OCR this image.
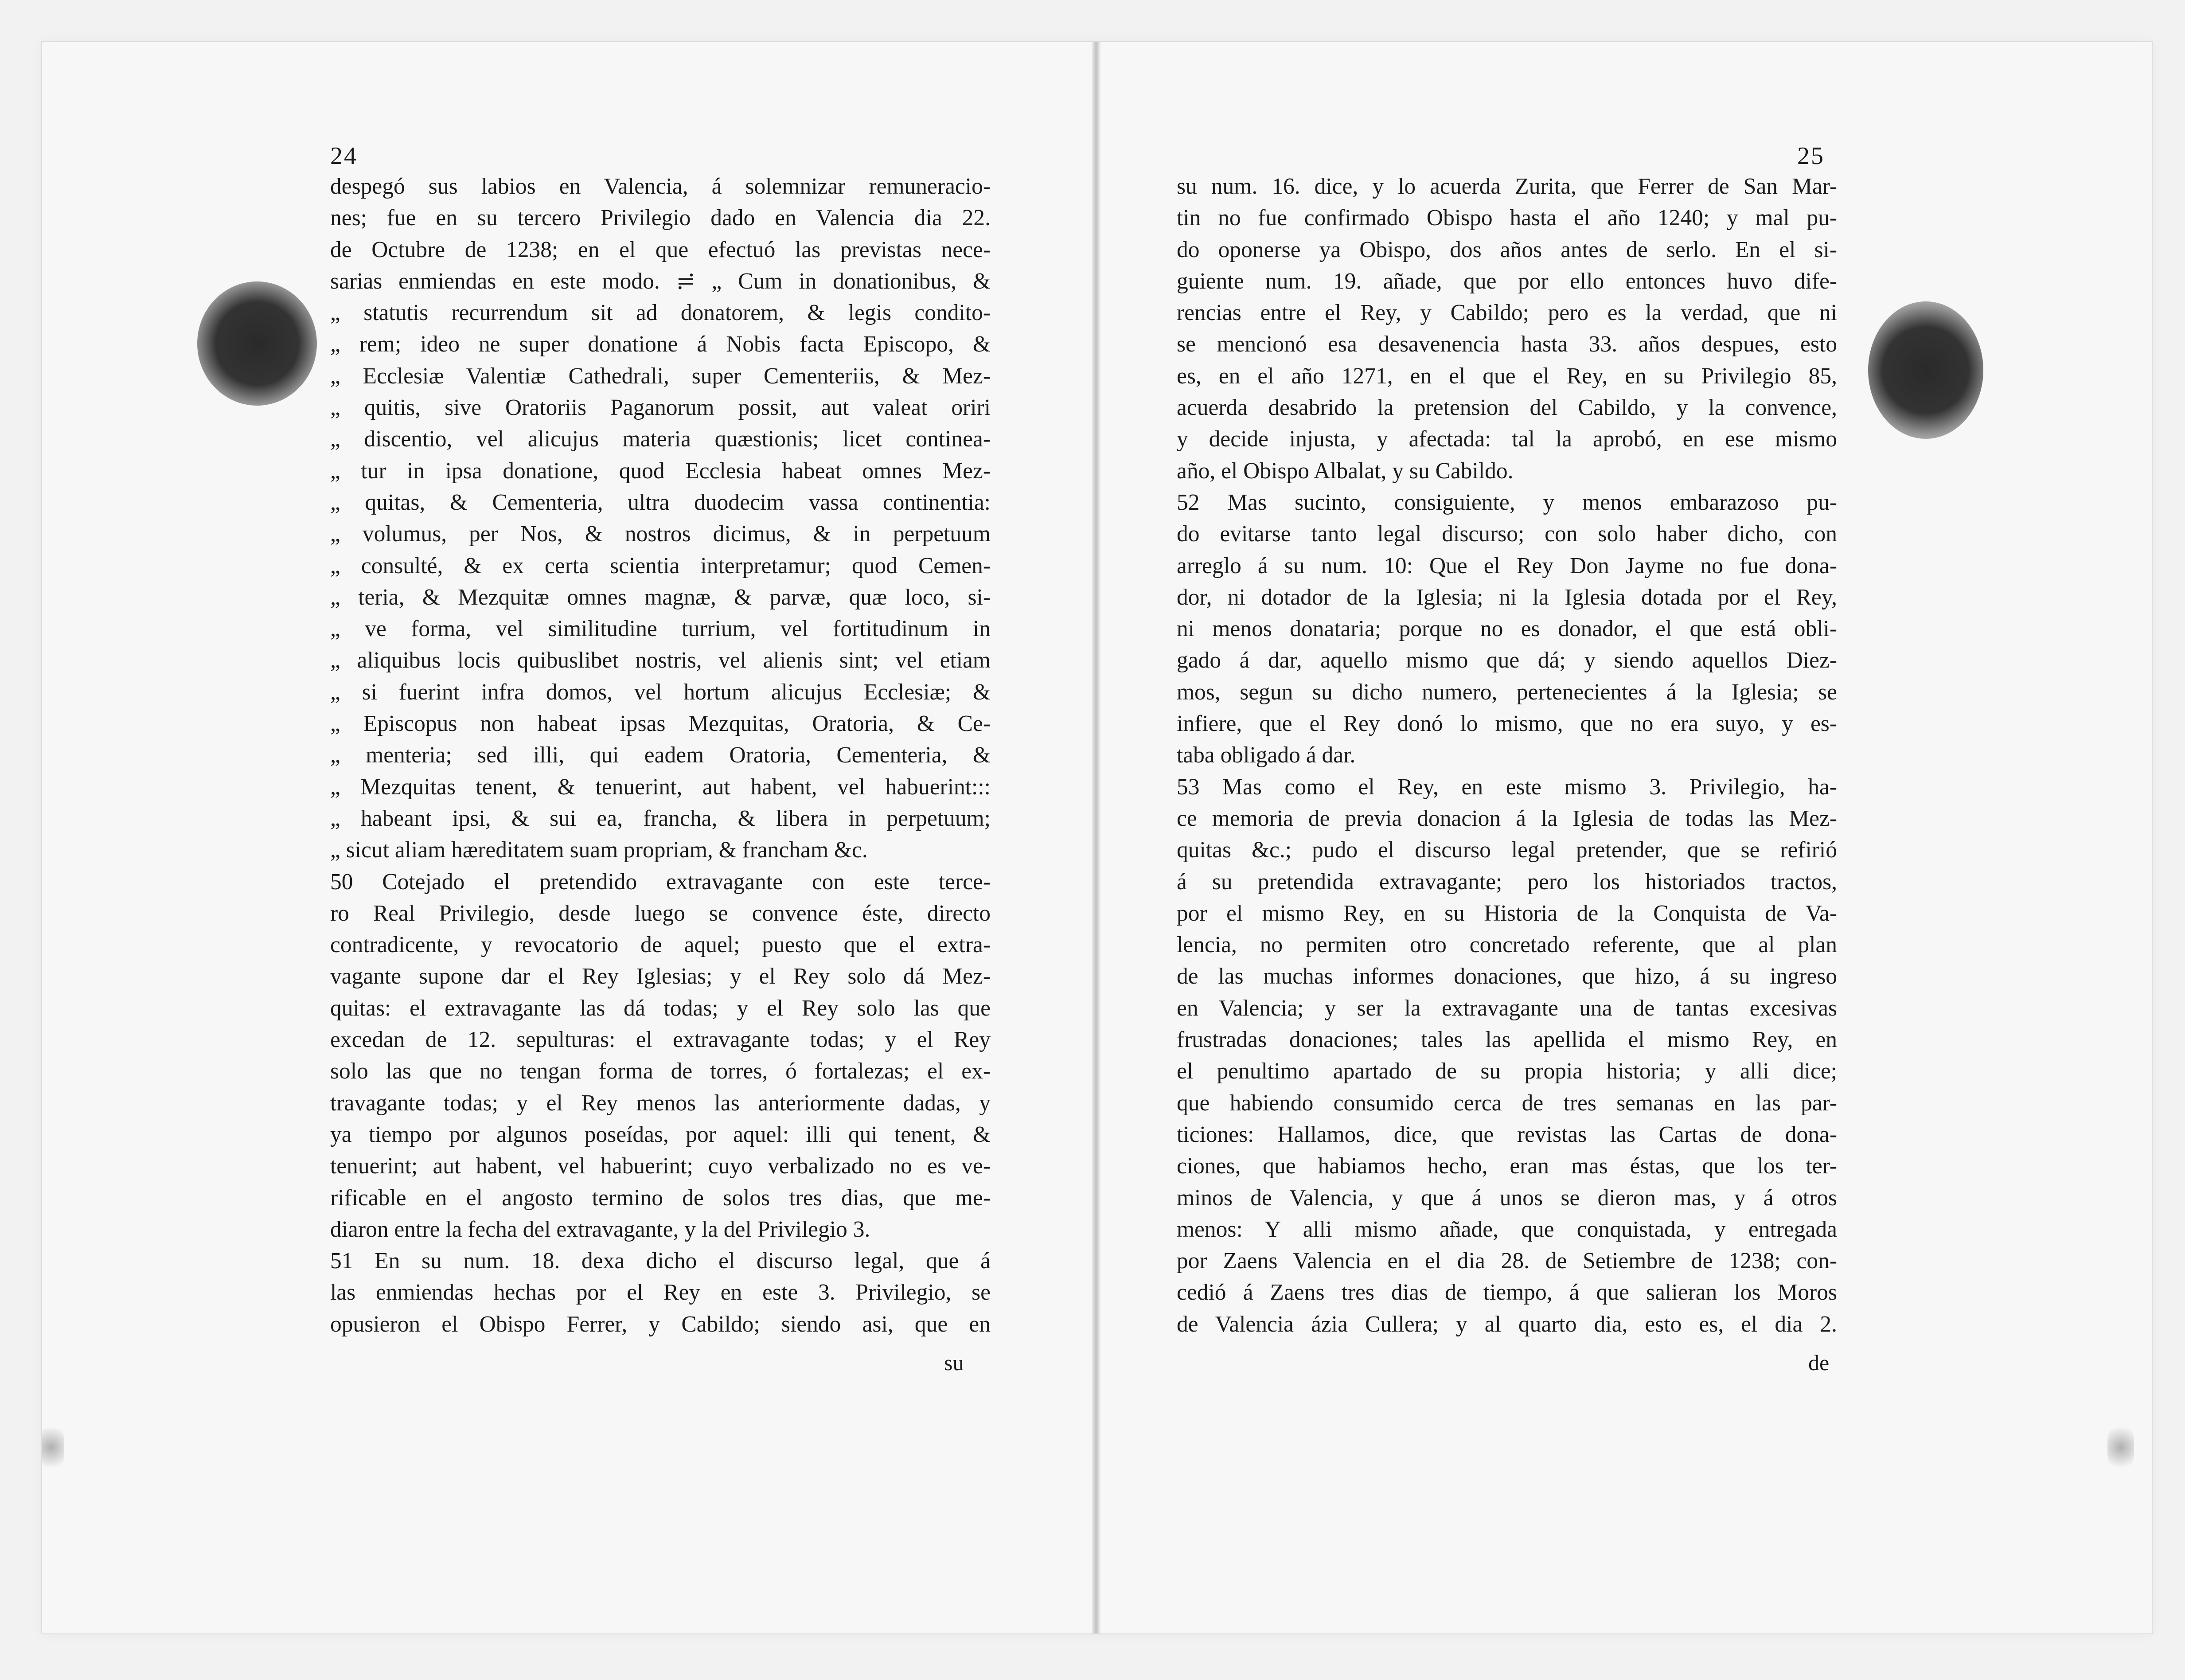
24
despegó sus labios en Valencia, á solemnizar remuneracio-
nes; fue en su tercero Privilegio dado en Valencia dia 22.
de Octubre de 1238; en el que efectuó las previstas nece-
sarias enmiendas en este modo. ≓ „ Cum in donationibus, &
„ statutis recurrendum sit ad donatorem, & legis condito-
„ rem; ideo ne super donatione á Nobis facta Episcopo, &
„ Ecclesiæ Valentiæ Cathedrali, super Cementeriis, & Mez-
„ quitis, sive Oratoriis Paganorum possit, aut valeat oriri
„ discentio, vel alicujus materia quæstionis; licet continea-
„ tur in ipsa donatione, quod Ecclesia habeat omnes Mez-
„ quitas, & Cementeria, ultra duodecim vassa continentia:
„ volumus, per Nos, & nostros dicimus, & in perpetuum
„ consulté, & ex certa scientia interpretamur; quod Cemen-
„ teria, & Mezquitæ omnes magnæ, & parvæ, quæ loco, si-
„ ve forma, vel similitudine turrium, vel fortitudinum in
„ aliquibus locis quibuslibet nostris, vel alienis sint; vel etiam
„ si fuerint infra domos, vel hortum alicujus Ecclesiæ; &
„ Episcopus non habeat ipsas Mezquitas, Oratoria, & Ce-
„ menteria; sed illi, qui eadem Oratoria, Cementeria, &
„ Mezquitas tenent, & tenuerint, aut habent, vel habuerint:::
„ habeant ipsi, & sui ea, francha, & libera in perpetuum;
„ sicut aliam hæreditatem suam propriam, & francham &c.
50 Cotejado el pretendido extravagante con este terce-
ro Real Privilegio, desde luego se convence éste, directo
contradicente, y revocatorio de aquel; puesto que el extra-
vagante supone dar el Rey Iglesias; y el Rey solo dá Mez-
quitas: el extravagante las dá todas; y el Rey solo las que
excedan de 12. sepulturas: el extravagante todas; y el Rey
solo las que no tengan forma de torres, ó fortalezas; el ex-
travagante todas; y el Rey menos las anteriormente dadas, y
ya tiempo por algunos poseídas, por aquel: illi qui tenent, &
tenuerint; aut habent, vel habuerint; cuyo verbalizado no es ve-
rificable en el angosto termino de solos tres dias, que me-
diaron entre la fecha del extravagante, y la del Privilegio 3.
51 En su num. 18. dexa dicho el discurso legal, que á
las enmiendas hechas por el Rey en este 3. Privilegio, se
opusieron el Obispo Ferrer, y Cabildo; siendo asi, que en
su
25
su num. 16. dice, y lo acuerda Zurita, que Ferrer de San Mar-
tin no fue confirmado Obispo hasta el año 1240; y mal pu-
do oponerse ya Obispo, dos años antes de serlo. En el si-
guiente num. 19. añade, que por ello entonces huvo dife-
rencias entre el Rey, y Cabildo; pero es la verdad, que ni
se mencionó esa desavenencia hasta 33. años despues, esto
es, en el año 1271, en el que el Rey, en su Privilegio 85,
acuerda desabrido la pretension del Cabildo, y la convence,
y decide injusta, y afectada: tal la aprobó, en ese mismo
año, el Obispo Albalat, y su Cabildo.
52 Mas sucinto, consiguiente, y menos embarazoso pu-
do evitarse tanto legal discurso; con solo haber dicho, con
arreglo á su num. 10: Que el Rey Don Jayme no fue dona-
dor, ni dotador de la Iglesia; ni la Iglesia dotada por el Rey,
ni menos donataria; porque no es donador, el que está obli-
gado á dar, aquello mismo que dá; y siendo aquellos Diez-
mos, segun su dicho numero, pertenecientes á la Iglesia; se
infiere, que el Rey donó lo mismo, que no era suyo, y es-
taba obligado á dar.
53 Mas como el Rey, en este mismo 3. Privilegio, ha-
ce memoria de previa donacion á la Iglesia de todas las Mez-
quitas &c.; pudo el discurso legal pretender, que se refirió
á su pretendida extravagante; pero los historiados tractos,
por el mismo Rey, en su Historia de la Conquista de Va-
lencia, no permiten otro concretado referente, que al plan
de las muchas informes donaciones, que hizo, á su ingreso
en Valencia; y ser la extravagante una de tantas excesivas
frustradas donaciones; tales las apellida el mismo Rey, en
el penultimo apartado de su propia historia; y alli dice;
que habiendo consumido cerca de tres semanas en las par-
ticiones: Hallamos, dice, que revistas las Cartas de dona-
ciones, que habiamos hecho, eran mas éstas, que los ter-
minos de Valencia, y que á unos se dieron mas, y á otros
menos: Y alli mismo añade, que conquistada, y entregada
por Zaens Valencia en el dia 28. de Setiembre de 1238; con-
cedió á Zaens tres dias de tiempo, á que salieran los Moros
de Valencia ázia Cullera; y al quarto dia, esto es, el dia 2.
de
